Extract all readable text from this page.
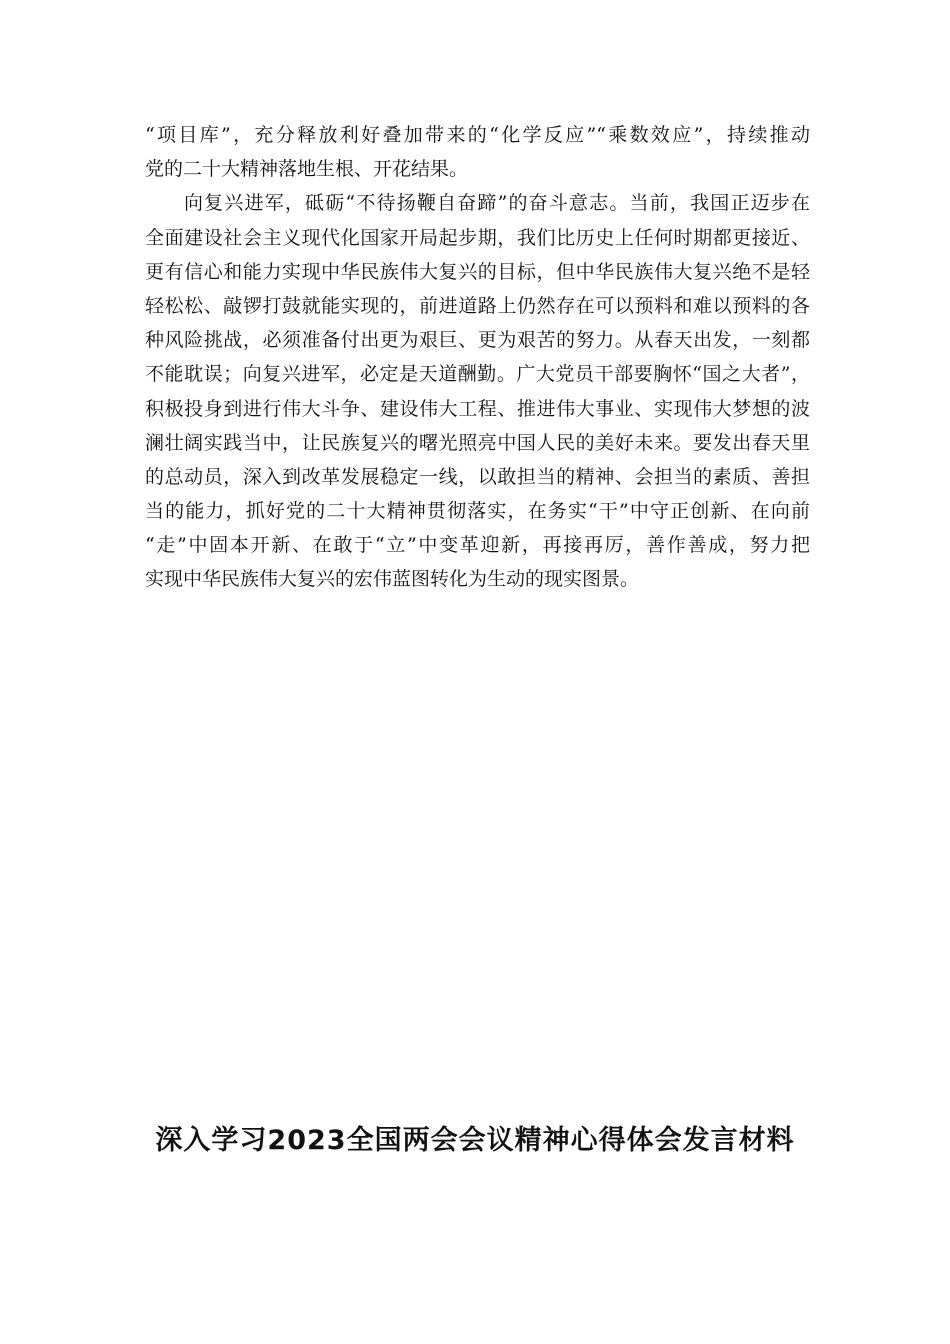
“项目库”，充分释放利好叠加带来的“化学反应”“乘数效应”，持续推动
党的二十大精神落地生根、开花结果。
向复兴进军，砥砺“不待扬鞭自奋蹄”的奋斗意志。当前，我国正迈步在
全面建设社会主义现代化国家开局起步期，我们比历史上任何时期都更接近、
更有信心和能力实现中华民族伟大复兴的目标，但中华民族伟大复兴绝不是轻
轻松松、敲锣打鼓就能实现的，前进道路上仍然存在可以预料和难以预料的各
种风险挑战，必须准备付出更为艰巨、更为艰苦的努力。从春天出发，一刻都
不能耽误；向复兴进军，必定是天道酬勤。广大党员干部要胸怀“国之大者”，
积极投身到进行伟大斗争、建设伟大工程、推进伟大事业、实现伟大梦想的波
澜壮阔实践当中，让民族复兴的曙光照亮中国人民的美好未来。要发出春天里
的总动员，深入到改革发展稳定一线，以敢担当的精神、会担当的素质、善担
当的能力，抓好党的二十大精神贯彻落实，在务实“干”中守正创新、在向前
“走”中固本开新、在敢于“立”中变革迎新，再接再厉，善作善成，努力把
实现中华民族伟大复兴的宏伟蓝图转化为生动的现实图景。
深入学习2023全国两会会议精神心得体会发言材料
